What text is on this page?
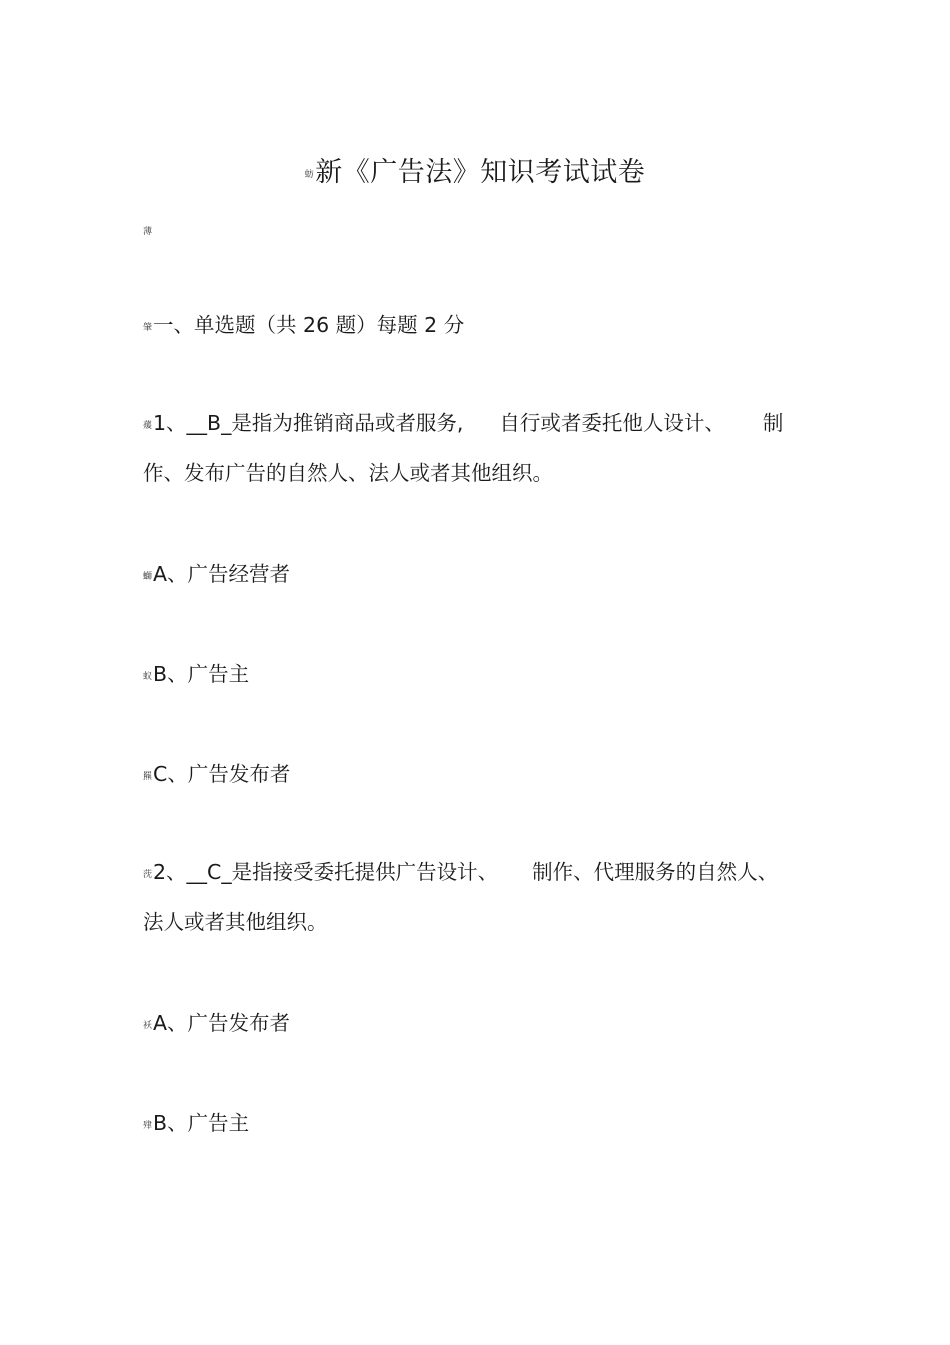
蚄新《广告法》知识考试试卷
薄
肇一、单选题（共 26 题）每题 2 分
蕿1、__B_是指为推销商品或者服务, 自行或者委托他人设计、 制
作、发布广告的自然人、法人或者其他组织。
螄A、广告经营者
蚁B、广告主
羆C、广告发布者
莐2、__C_是指接受委托提供广告设计、 制作、代理服务的自然人、
法人或者其他组织。
袄A、广告发布者
肂B、广告主
